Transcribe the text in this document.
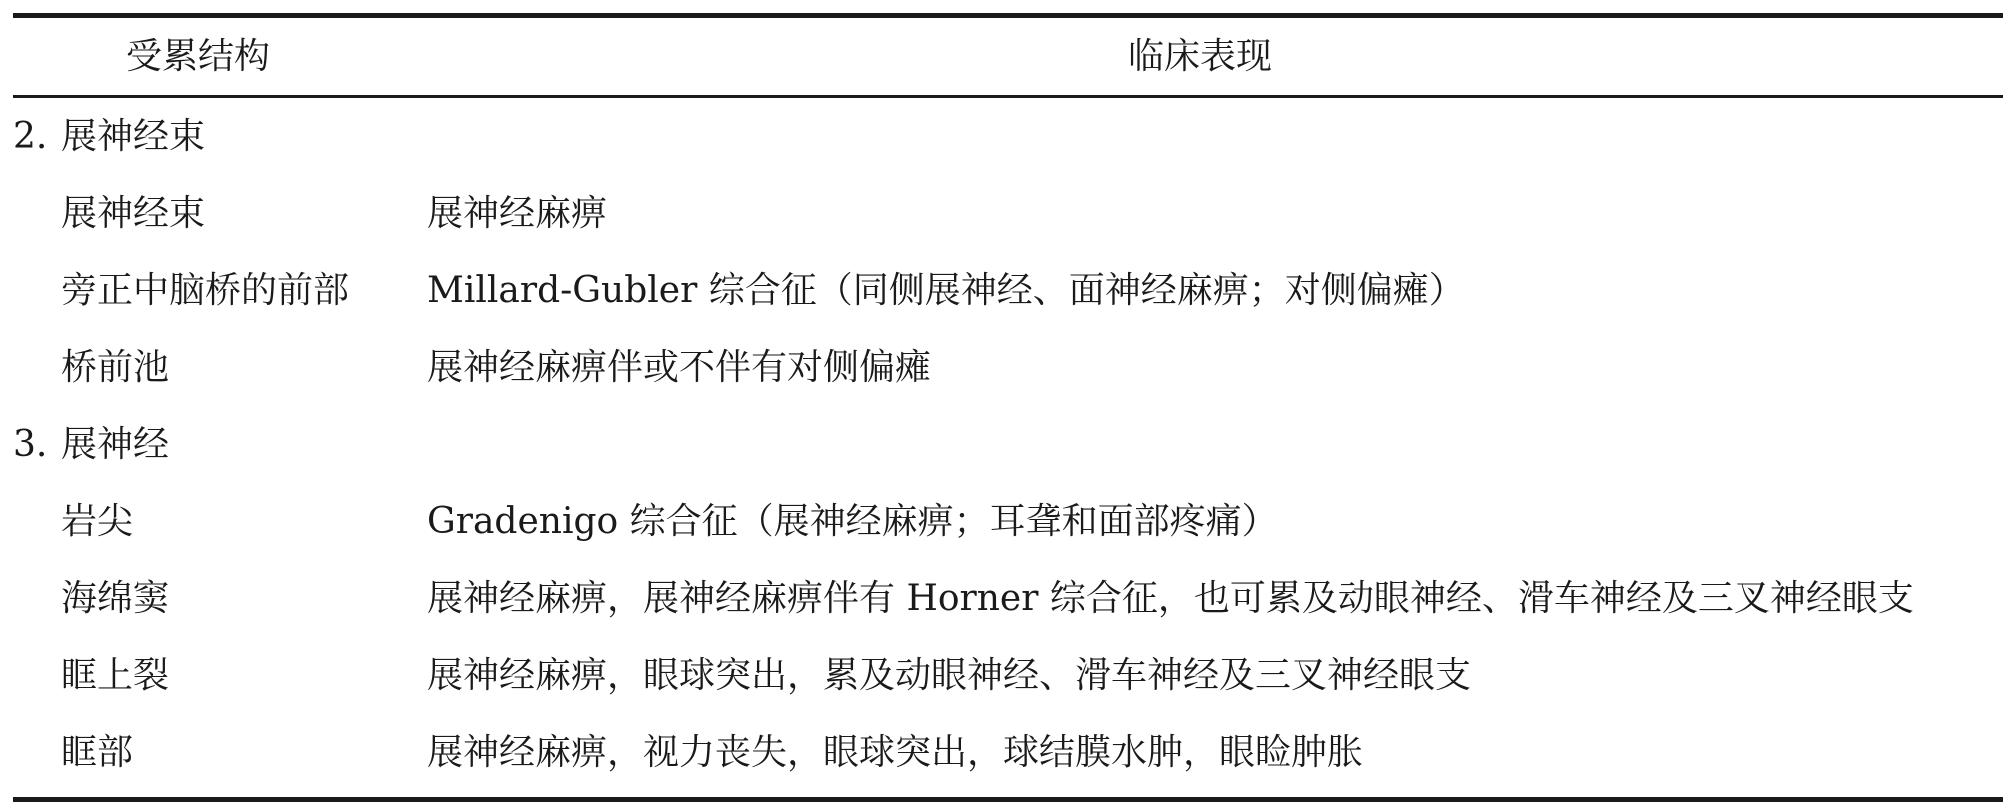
受累结构	临床表现
2. 展神经束
展神经束	展神经麻痹
旁正中脑桥的前部 Millard-Gubler 综合征（同侧展神经、面神经麻痹；对侧偏瘫）
桥前池	展神经麻痹伴或不伴有对侧偏瘫
3. 展神经
岩尖	Gradenigo 综合征（展神经麻痹；耳聋和面部疼痛）
海绵窦	展神经麻痹，展神经麻痹伴有 Horner 综合征，也可累及动眼神经、滑车神经及三叉神经眼支
眶上裂	展神经麻痹，眼球突出，累及动眼神经、滑车神经及三叉神经眼支
眶部	展神经麻痹，视力丧失，眼球突出，球结膜水肿，眼睑肿胀
